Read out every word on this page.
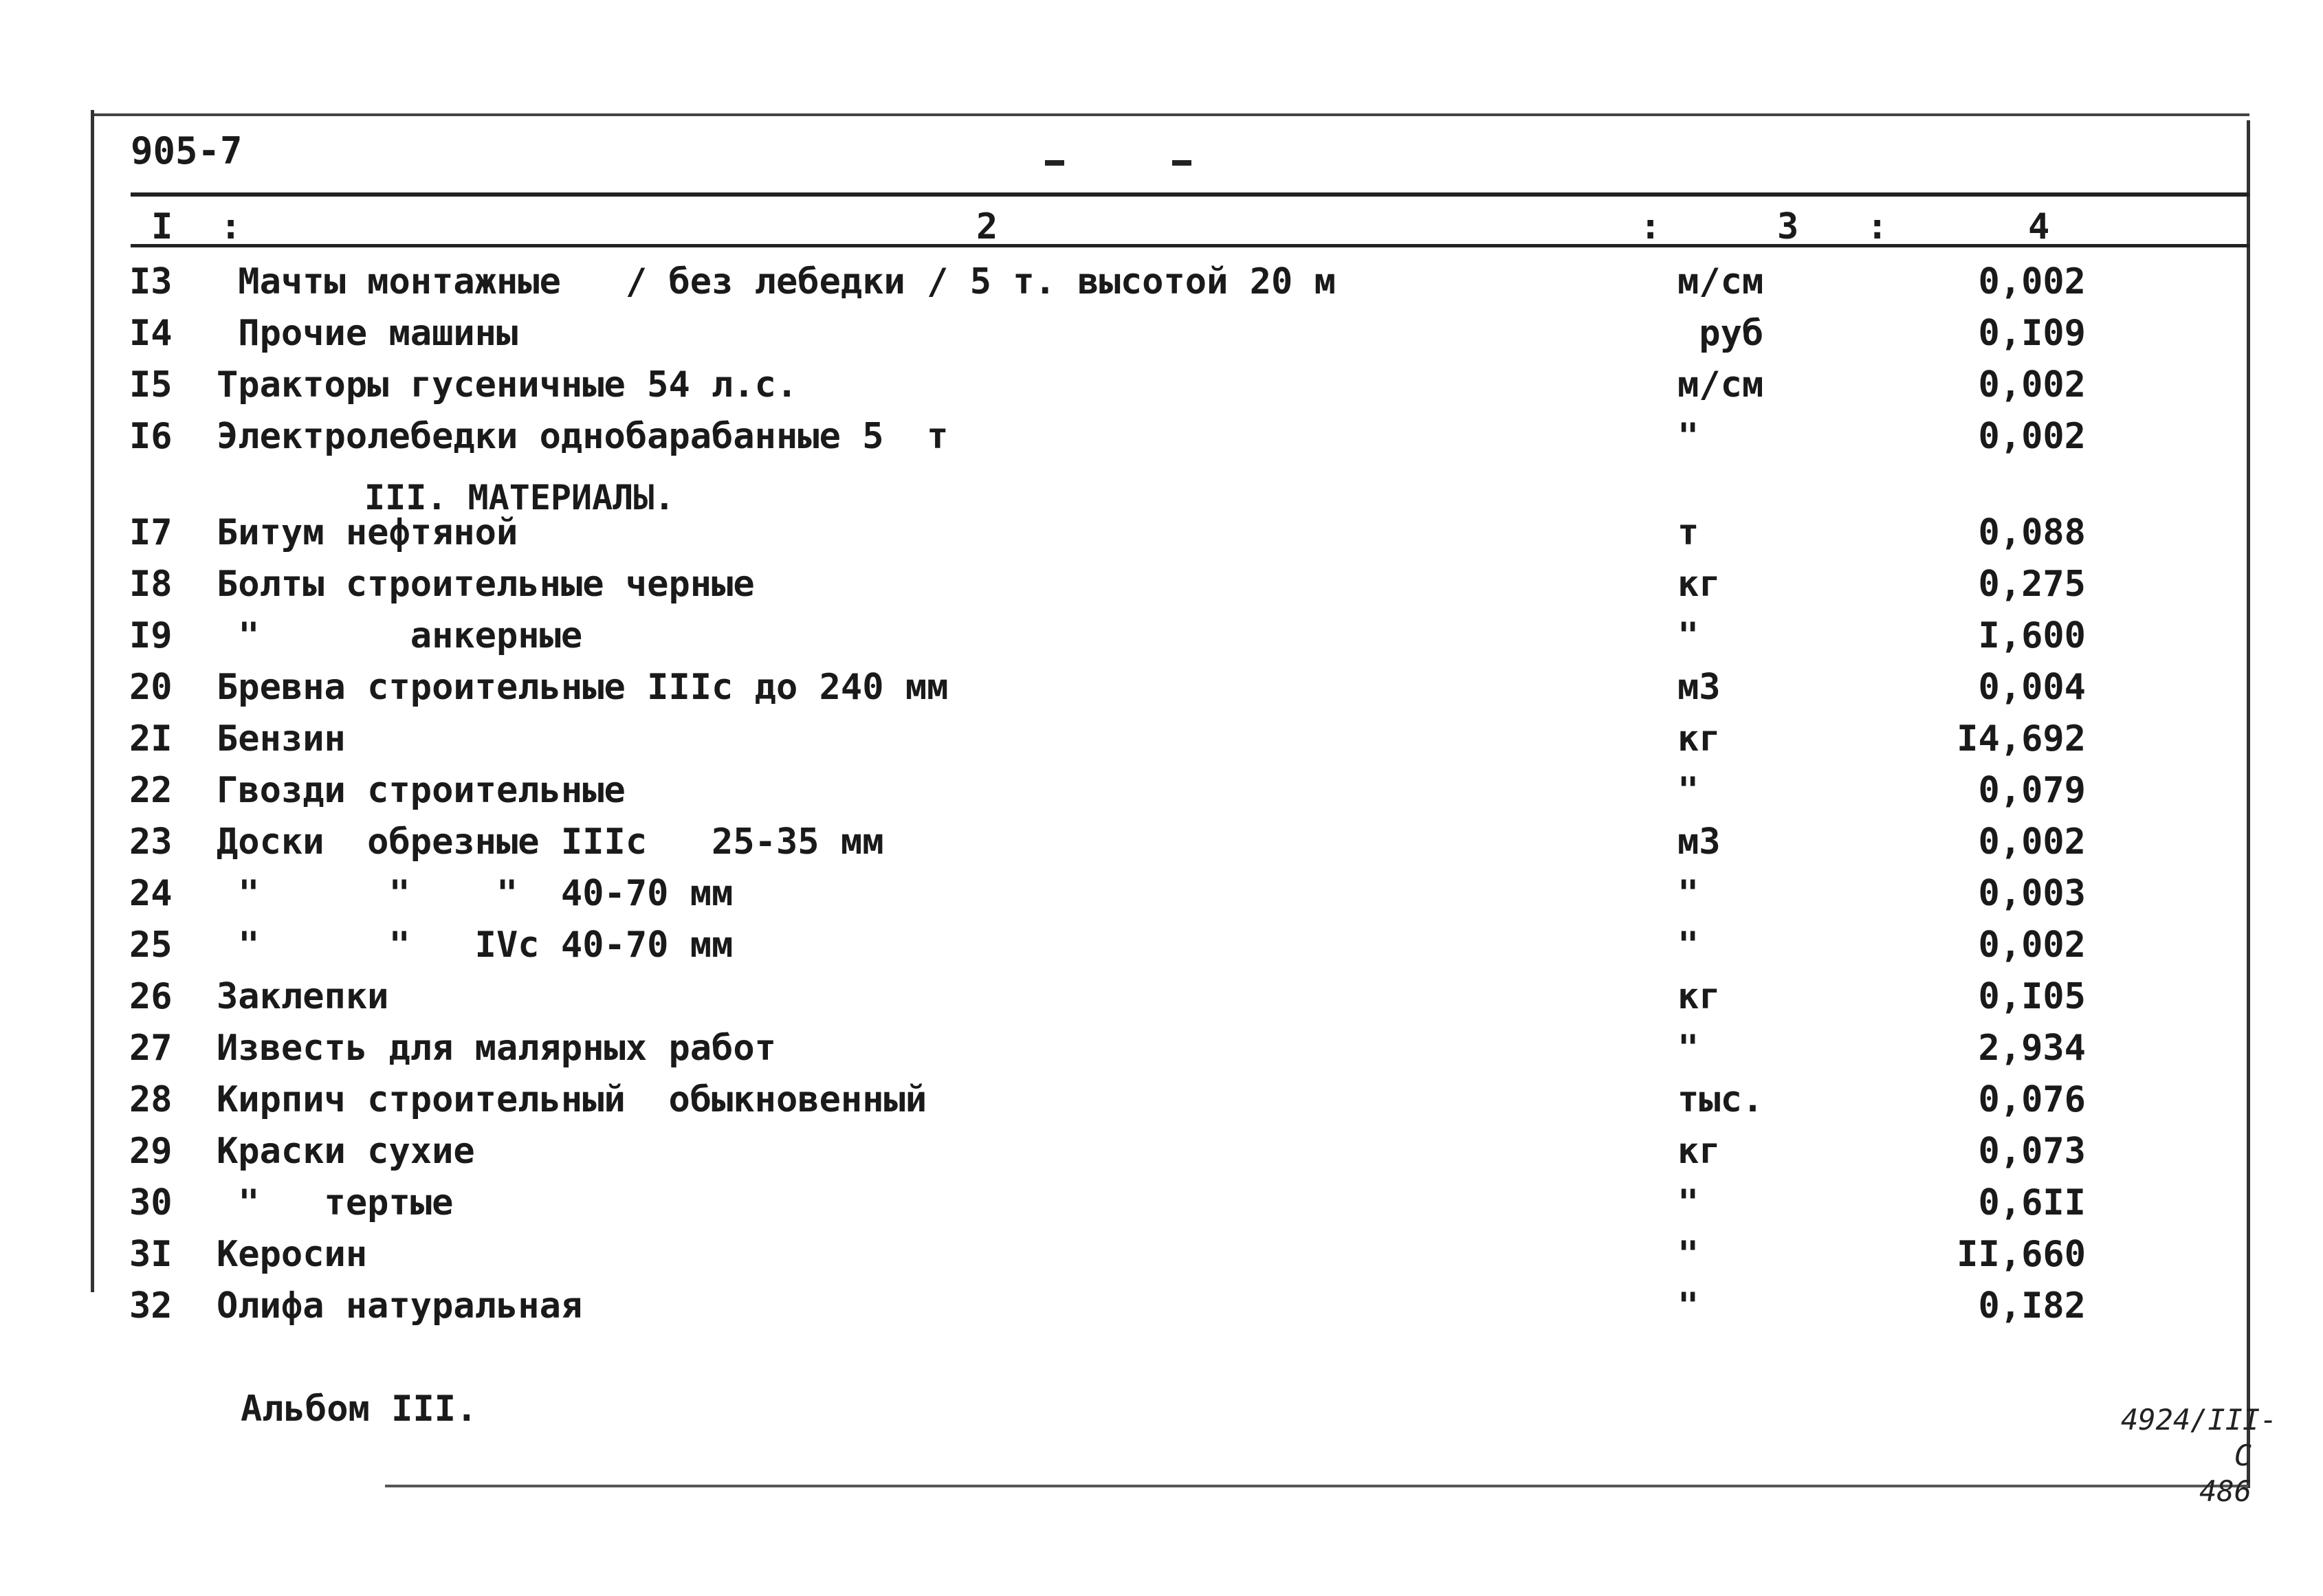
905-7
I :	2	:	3 :	4
III. МАТЕРИАЛЫ.
I3 Мачты монтажные   / без лебедки / 5 т. высотой 20 м	м/см	0,002
I4 Прочие машины	руб	0,I09
I5 Тракторы гусеничные 54 л.с.	м/см	0,002
I6 Электролебедки однобарабанные 5  т	"	0,002
I7 Битум нефтяной	т	0,088
I8 Болты строительные черные	кг	0,275
I9 "       анкерные	"	I,600
20 Бревна строительные IIIc до 240 мм	м3	0,004
2I Бензин	кг	I4,692
22 Гвозди строительные	"	0,079
23 Доски  обрезные IIIc   25-35 мм	м3	0,002
24 "      "    "  40-70 мм	"	0,003
25 "      "   IVc 40-70 мм	"	0,002
26 Заклепки	кг	0,I05
27 Известь для малярных работ	"	2,934
28 Кирпич строительный  обыкновенный	тыс.	0,076
29 Краски сухие	кг	0,073
30 "   тертые	"	0,6II
3I Керосин	"	II,660
32 Олифа натуральная	"	0,I82
Альбом III.	4924/III-C
486
